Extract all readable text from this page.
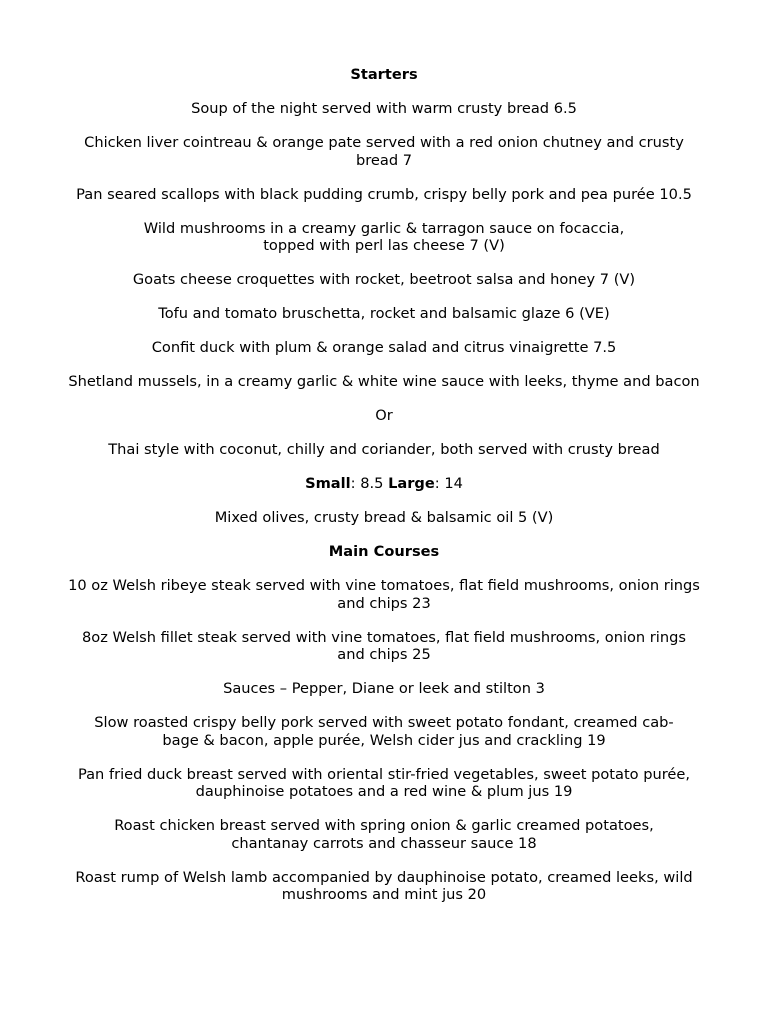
Starters

Soup of the night served with warm crusty bread 6.5

Chicken liver cointreau & orange pate served with a red onion chutney and crusty bread 7

Pan seared scallops with black pudding crumb, crispy belly pork and pea purée 10.5

Wild mushrooms in a creamy garlic & tarragon sauce on focaccia,
topped with perl las cheese 7 (V)

Goats cheese croquettes with rocket, beetroot salsa and honey 7 (V)

Tofu and tomato bruschetta, rocket and balsamic glaze 6 (VE)

Confit duck with plum & orange salad and citrus vinaigrette 7.5

Shetland mussels, in a creamy garlic & white wine sauce with leeks, thyme and bacon

Or

Thai style with coconut, chilly and coriander, both served with crusty bread

Small: 8.5 Large: 14

Mixed olives, crusty bread & balsamic oil 5 (V)

Main Courses

10 oz Welsh ribeye steak served with vine tomatoes, flat field mushrooms, onion rings and chips 23

8oz Welsh fillet steak served with vine tomatoes, flat field mushrooms, onion rings and chips 25

Sauces – Pepper, Diane or leek and stilton 3

Slow roasted crispy belly pork served with sweet potato fondant, creamed cab-
bage & bacon, apple purée, Welsh cider jus and crackling 19

Pan fried duck breast served with oriental stir-fried vegetables, sweet potato purée, dauphinoise potatoes and a red wine & plum jus 19

Roast chicken breast served with spring onion & garlic creamed potatoes, chantanay carrots and chasseur sauce 18

Roast rump of Welsh lamb accompanied by dauphinoise potato, creamed leeks, wild mushrooms and mint jus 20
